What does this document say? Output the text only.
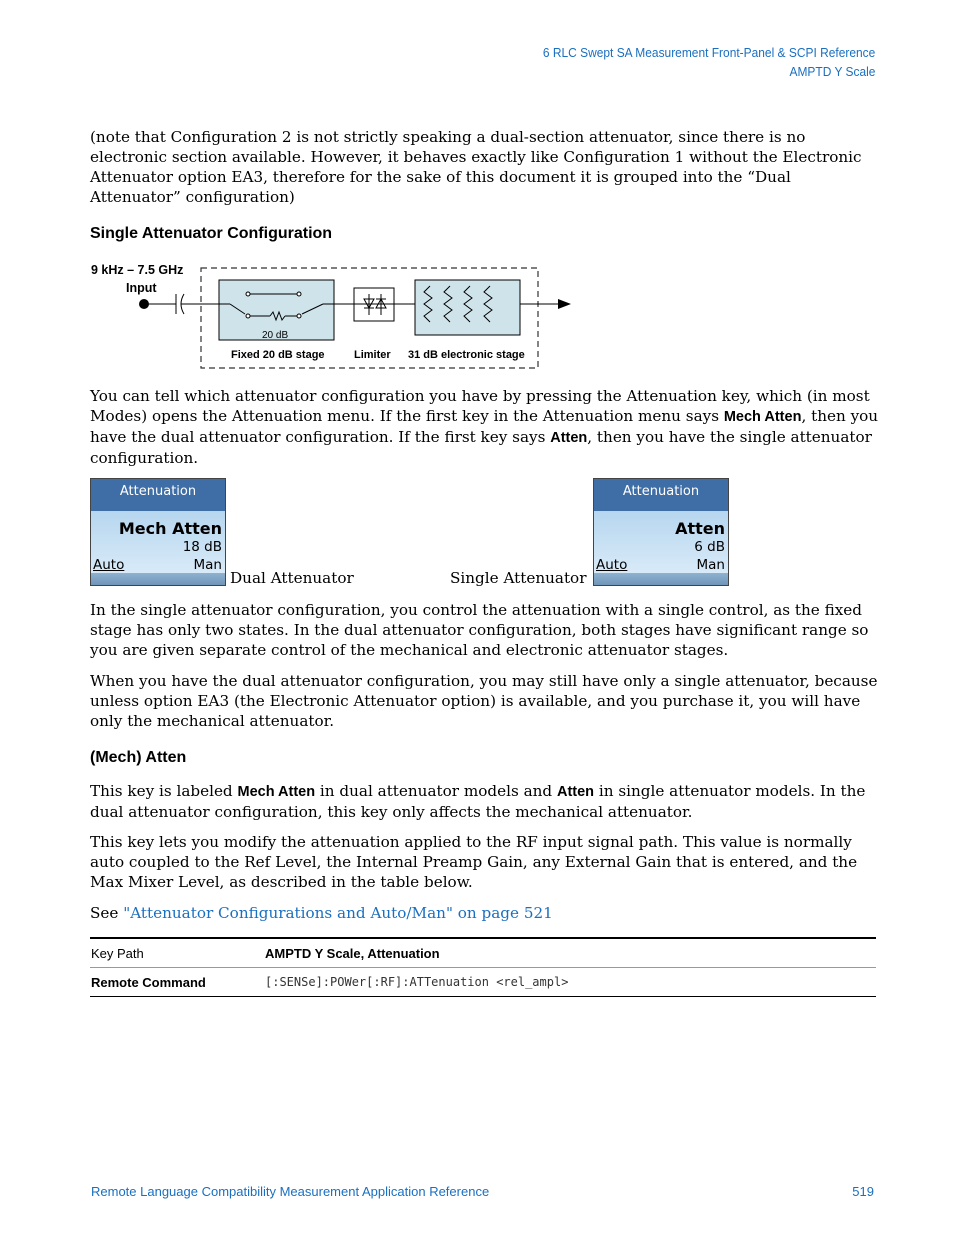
6 RLC Swept SA Measurement Front-Panel & SCPI Reference
AMPTD Y Scale
(note that Configuration 2 is not strictly speaking a dual-section attenuator, since there is no electronic section available. However, it behaves exactly like Configuration 1 without the Electronic Attenuator option EA3, therefore for the sake of this document it is grouped into the “Dual Attenuator” configuration)
Single Attenuator Configuration
9 kHz – 7.5 GHz
Input
20 dB
Fixed 20 dB stage	Limiter 31 dB electronic stage
You can tell which attenuator configuration you have by pressing the Attenuation key, which (in most Modes) opens the Attenuation menu. If the first key in the Attenuation menu says Mech Atten, then you have the dual attenuator configuration. If the first key says Atten, then you have the single attenuator configuration.
Attenuation
Mech Atten
18 dB
Auto	Man
Dual Attenuator	Single Attenuator
Attenuation
Atten
6 dB
Auto	Man
In the single attenuator configuration, you control the attenuation with a single control, as the fixed stage has only two states. In the dual attenuator configuration, both stages have significant range so you are given separate control of the mechanical and electronic attenuator stages.
When you have the dual attenuator configuration, you may still have only a single attenuator, because unless option EA3 (the Electronic Attenuator option) is available, and you purchase it, you will have only the mechanical attenuator.
(Mech) Atten
This key is labeled Mech Atten in dual attenuator models and Atten in single attenuator models. In the dual attenuator configuration, this key only affects the mechanical attenuator.
This key lets you modify the attenuation applied to the RF input signal path. This value is normally auto coupled to the Ref Level, the Internal Preamp Gain, any External Gain that is entered, and the Max Mixer Level, as described in the table below.
See "Attenuator Configurations and Auto/Man" on page 521
Key Path	AMPTD Y Scale, Attenuation
Remote Command	[:SENSe]:POWer[:RF]:ATTenuation <rel_ampl>
Remote Language Compatibility Measurement Application Reference	519
